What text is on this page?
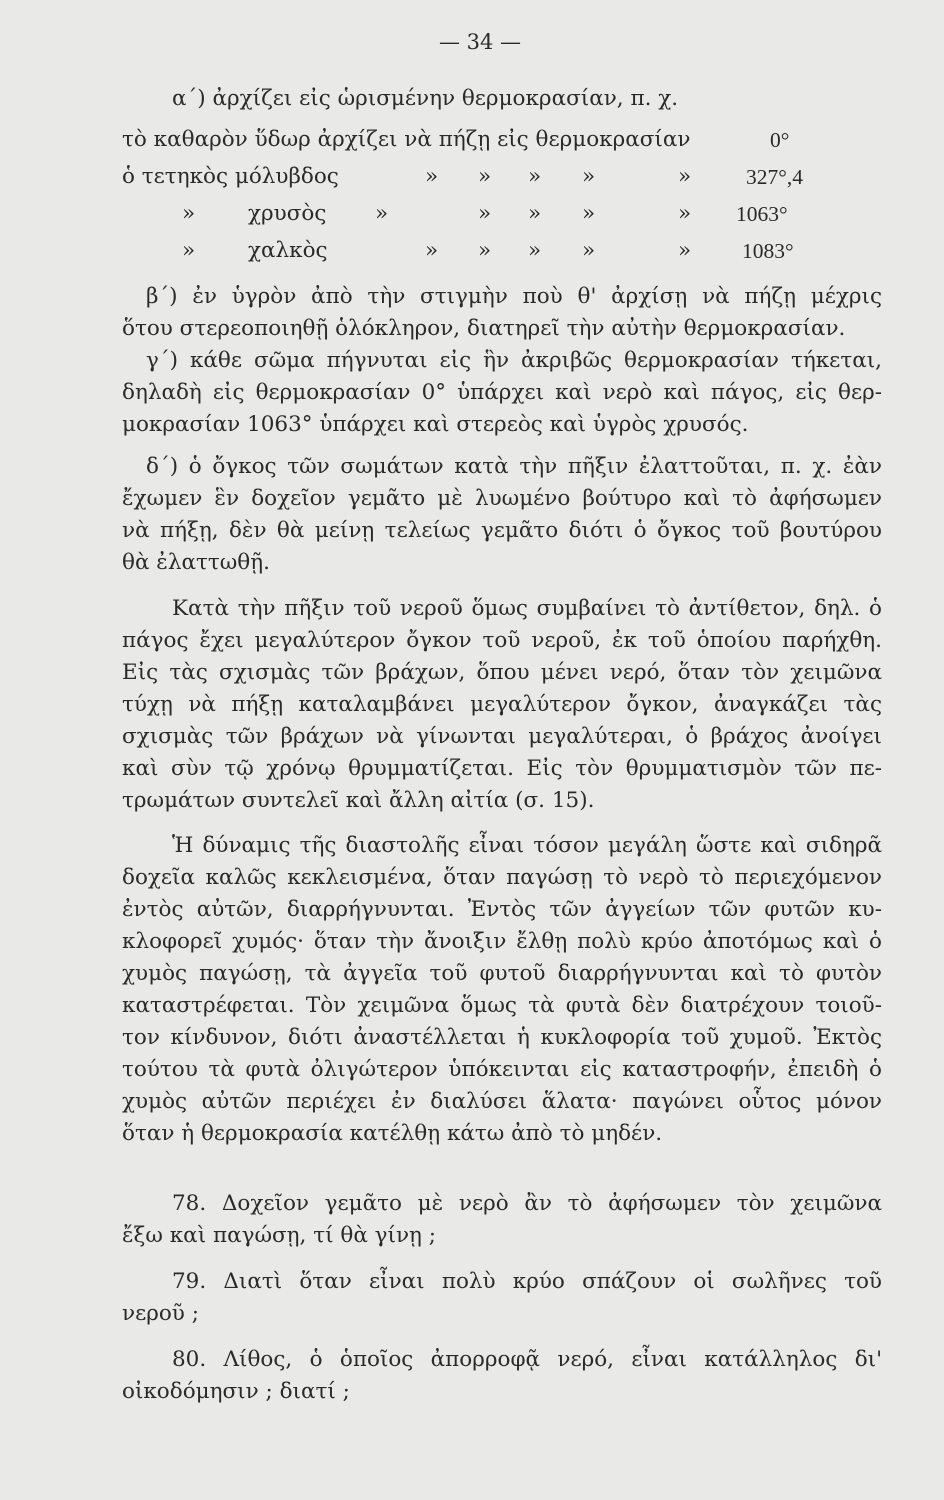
— 34 —
α΄) ἀρχίζει εἰς ὡρισμένην θερμοκρασίαν, π. χ.
τὸ καθαρὸν ὕδωρ ἀρχίζει νὰ πήζῃ εἰς θερμοκρασίαν	0°
ὁ τετηκὸς μόλυβδος	» » » »	»	327°,4
» χρυσὸς »	» » »	» 1063°
» χαλκὸς	» » » »	» 1083°
β΄) ἐν ὑγρὸν ἀπὸ τὴν στιγμὴν ποὺ θ' ἀρχίσῃ νὰ πήζῃ μέχρις
ὅτου στερεοποιηθῇ ὁλόκληρον, διατηρεῖ τὴν αὐτὴν θερμοκρασίαν.
γ΄) κάθε σῶμα πήγνυται εἰς ἣν ἀκριβῶς θερμοκρασίαν τήκεται,
δηλαδὴ εἰς θερμοκρασίαν 0° ὑπάρχει καὶ νερὸ καὶ πάγος, εἰς θερ-
μοκρασίαν 1063° ὑπάρχει καὶ στερεὸς καὶ ὑγρὸς χρυσός.
δ΄) ὁ ὄγκος τῶν σωμάτων κατὰ τὴν πῆξιν ἐλαττοῦται, π. χ. ἐὰν
ἔχωμεν ἓν δοχεῖον γεμᾶτο μὲ λυωμένο βούτυρο καὶ τὸ ἀφήσωμεν
νὰ πήξῃ, δὲν θὰ μείνῃ τελείως γεμᾶτο διότι ὁ ὄγκος τοῦ βουτύρου
θὰ ἐλαττωθῇ.
Κατὰ τὴν πῆξιν τοῦ νεροῦ ὅμως συμβαίνει τὸ ἀντίθετον, δηλ. ὁ
πάγος ἔχει μεγαλύτερον ὄγκον τοῦ νεροῦ, ἐκ τοῦ ὁποίου παρήχθη.
Εἰς τὰς σχισμὰς τῶν βράχων, ὅπου μένει νερό, ὅταν τὸν χειμῶνα
τύχῃ νὰ πήξῃ καταλαμβάνει μεγαλύτερον ὄγκον, ἀναγκάζει τὰς
σχισμὰς τῶν βράχων νὰ γίνωνται μεγαλύτεραι, ὁ βράχος ἀνοίγει
καὶ σὺν τῷ χρόνῳ θρυμματίζεται. Εἰς τὸν θρυμματισμὸν τῶν πε-
τρωμάτων συντελεῖ καὶ ἄλλη αἰτία (σ. 15).
Ἡ δύναμις τῆς διαστολῆς εἶναι τόσον μεγάλη ὥστε καὶ σιδηρᾶ
δοχεῖα καλῶς κεκλεισμένα, ὅταν παγώσῃ τὸ νερὸ τὸ περιεχόμενον
ἐντὸς αὐτῶν, διαρρήγνυνται. Ἐντὸς τῶν ἀγγείων τῶν φυτῶν κυ-
κλοφορεῖ χυμός· ὅταν τὴν ἄνοιξιν ἔλθῃ πολὺ κρύο ἀποτόμως καὶ ὁ
χυμὸς παγώσῃ, τὰ ἀγγεῖα τοῦ φυτοῦ διαρρήγνυνται καὶ τὸ φυτὸν
καταστρέφεται. Τὸν χειμῶνα ὅμως τὰ φυτὰ δὲν διατρέχουν τοιοῦ-
τον κίνδυνον, διότι ἀναστέλλεται ἡ κυκλοφορία τοῦ χυμοῦ. Ἐκτὸς
τούτου τὰ φυτὰ ὀλιγώτερον ὑπόκεινται εἰς καταστροφήν, ἐπειδὴ ὁ
χυμὸς αὐτῶν περιέχει ἐν διαλύσει ἅλατα· παγώνει οὗτος μόνον
ὅταν ἡ θερμοκρασία κατέλθῃ κάτω ἀπὸ τὸ μηδέν.
78. Δοχεῖον γεμᾶτο μὲ νερὸ ἂν τὸ ἀφήσωμεν τὸν χειμῶνα
ἔξω καὶ παγώσῃ, τί θὰ γίνῃ ;
79. Διατὶ ὅταν εἶναι πολὺ κρύο σπάζουν οἱ σωλῆνες τοῦ
νεροῦ ;
80. Λίθος, ὁ ὁποῖος ἀπορροφᾷ νερό, εἶναι κατάλληλος δι'
οἰκοδόμησιν ; διατί ;
